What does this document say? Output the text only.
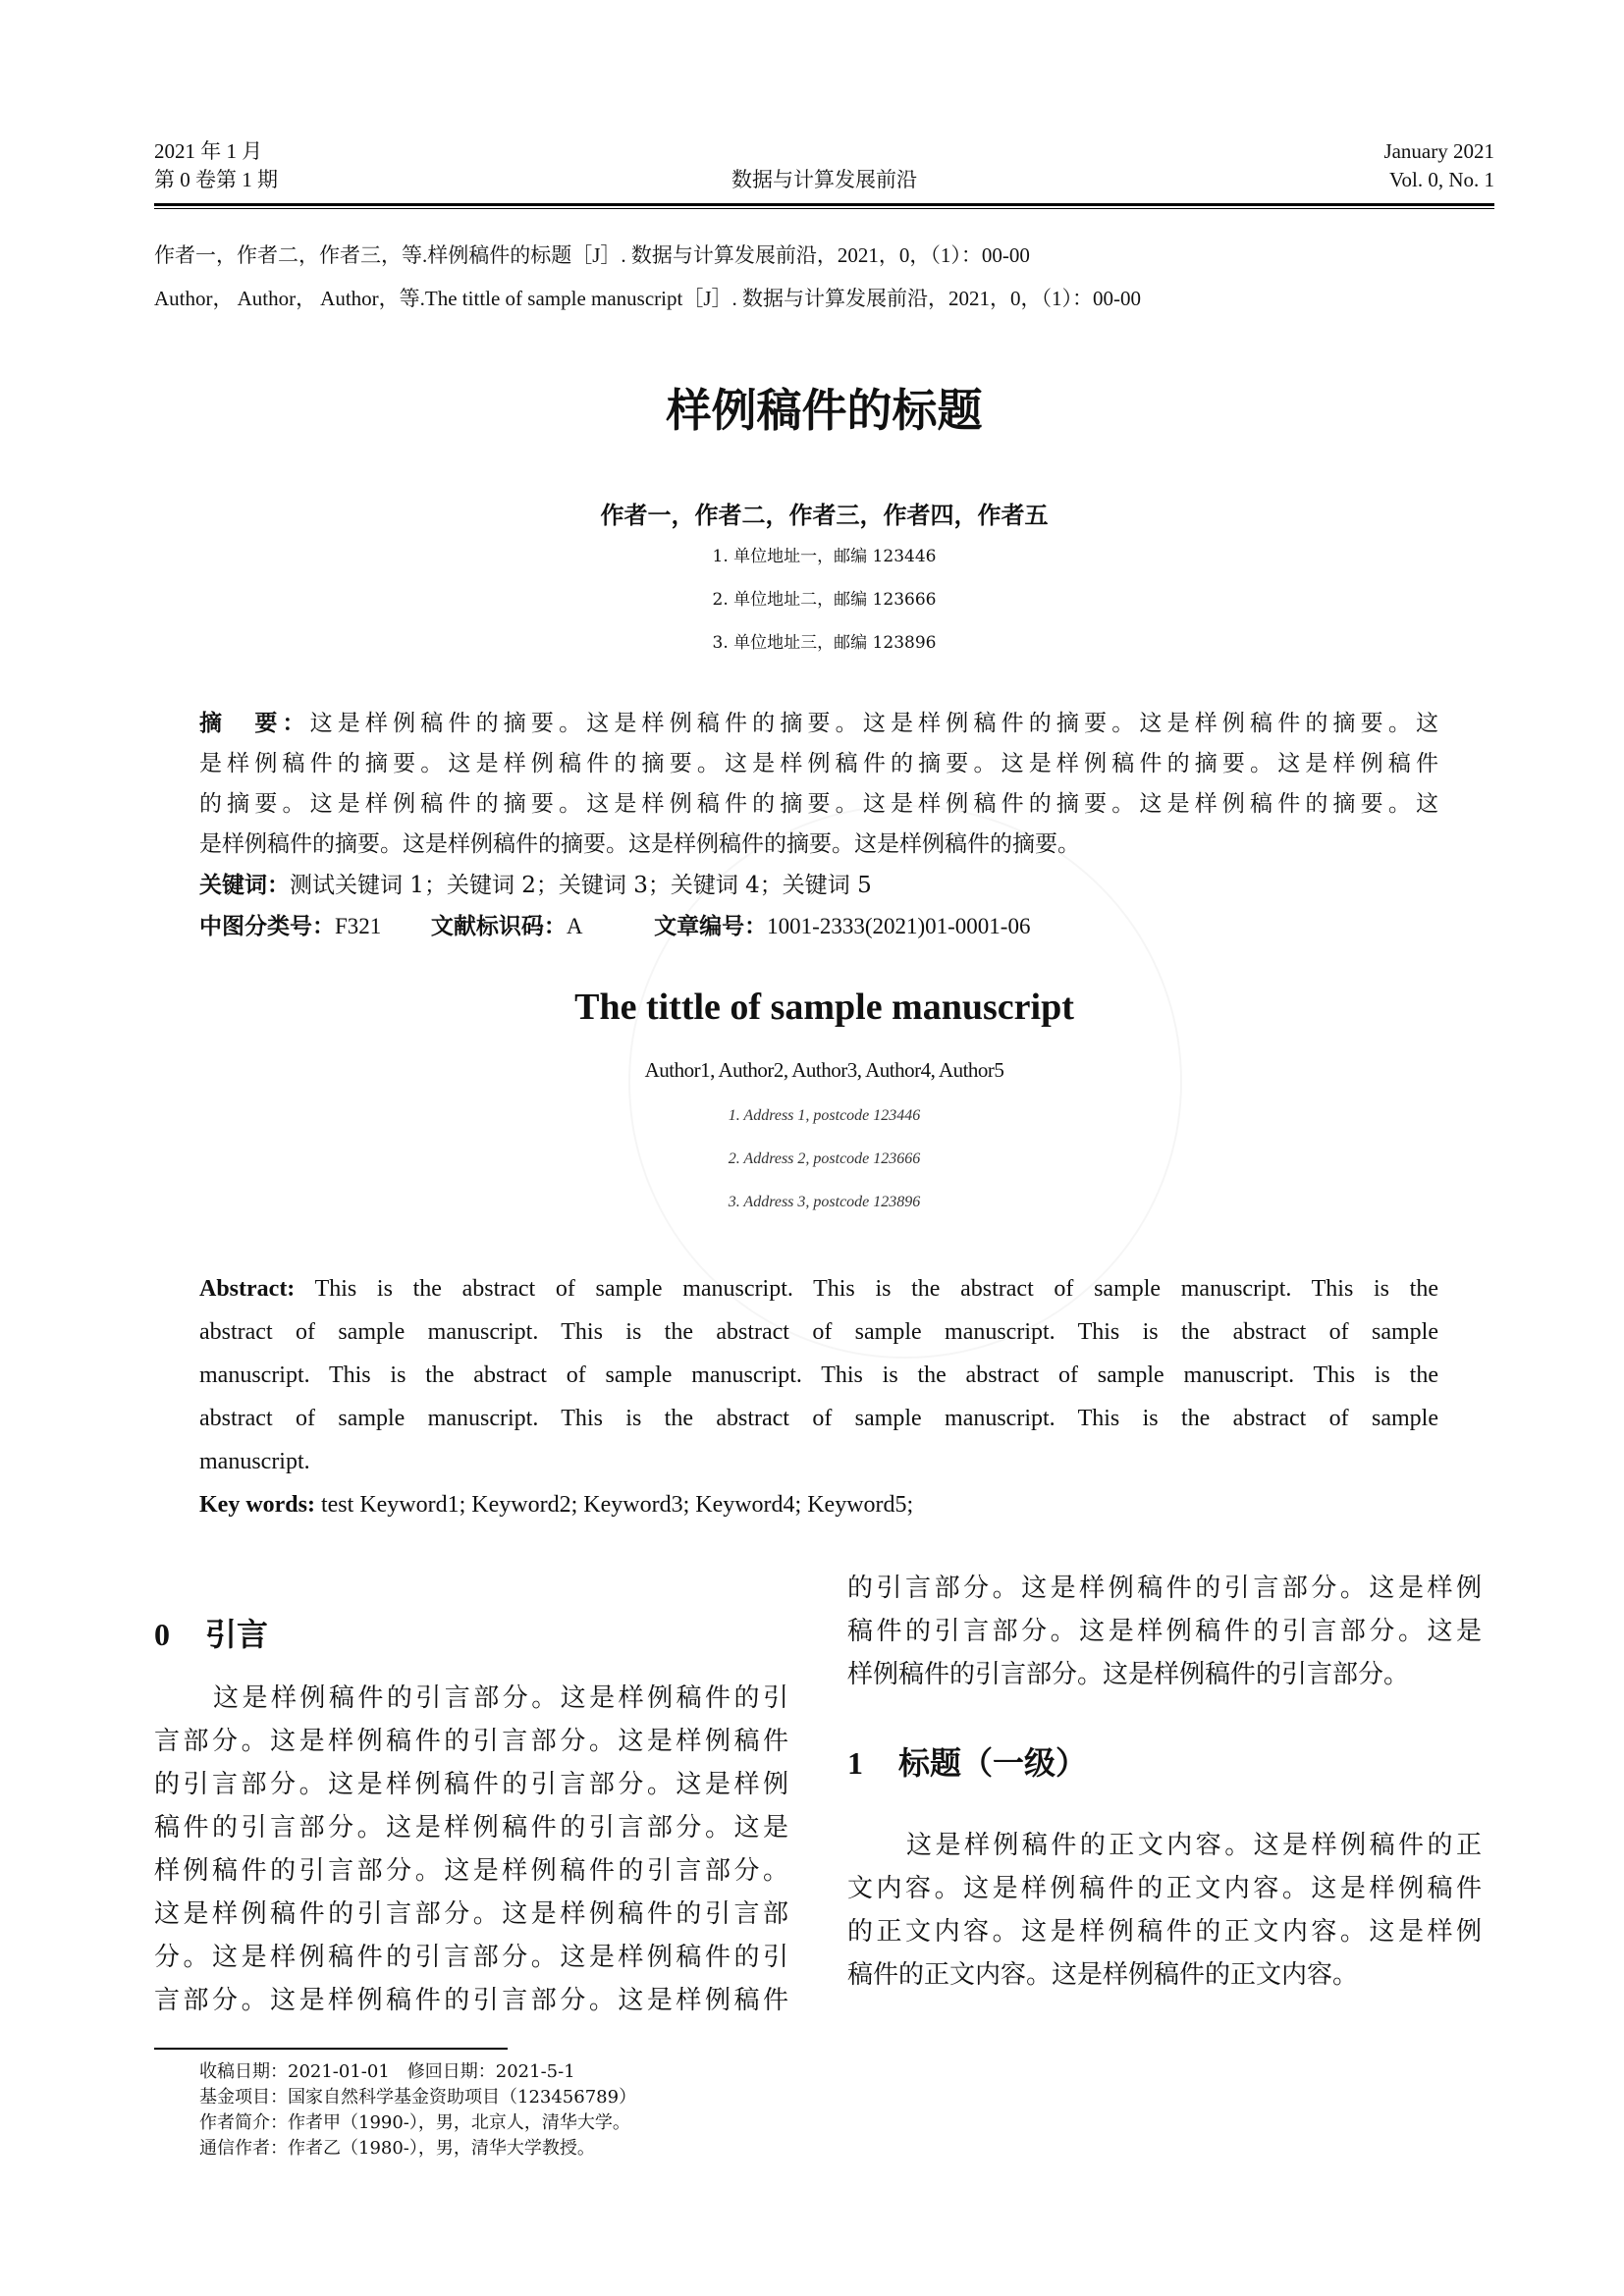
2021 年 1 月
第 0 卷第 1 期	数据与计算发展前沿
January 2021
Vol. 0, No. 1
作者一，作者二，作者三，等.样例稿件的标题［J］. 数据与计算发展前沿，2021，0，（1）：00-00
Author， Author， Author，等.The tittle of sample manuscript［J］. 数据与计算发展前沿，2021，0，（1）：00-00
样例稿件的标题
作者一，作者二，作者三，作者四，作者五
1. 单位地址一，邮编 123446
2. 单位地址二，邮编 123666
3. 单位地址三，邮编 123896
摘　要：这是样例稿件的摘要。这是样例稿件的摘要。这是样例稿件的摘要。这是样例稿件的摘要。这
是样例稿件的摘要。这是样例稿件的摘要。这是样例稿件的摘要。这是样例稿件的摘要。这是样例稿件
的摘要。这是样例稿件的摘要。这是样例稿件的摘要。这是样例稿件的摘要。这是样例稿件的摘要。这
是样例稿件的摘要。这是样例稿件的摘要。这是样例稿件的摘要。这是样例稿件的摘要。
关键词：测试关键词 1；关键词 2；关键词 3；关键词 4；关键词 5
中图分类号：F321 文献标识码：A	文章编号：1001-2333(2021)01-0001-06
The tittle of sample manuscript
Author1, Author2, Author3, Author4, Author5
1. Address 1, postcode 123446
2. Address 2, postcode 123666
3. Address 3, postcode 123896
Abstract: This is the abstract of sample manuscript. This is the abstract of sample manuscript. This is the
abstract of sample manuscript. This is the abstract of sample manuscript. This is the abstract of sample
manuscript. This is the abstract of sample manuscript. This is the abstract of sample manuscript. This is the
abstract of sample manuscript. This is the abstract of sample manuscript. This is the abstract of sample
manuscript.
Key words: test Keyword1; Keyword2; Keyword3; Keyword4; Keyword5;
0 引言
这是样例稿件的引言部分。这是样例稿件的引
言部分。这是样例稿件的引言部分。这是样例稿件
的引言部分。这是样例稿件的引言部分。这是样例
稿件的引言部分。这是样例稿件的引言部分。这是
样例稿件的引言部分。这是样例稿件的引言部分。
这是样例稿件的引言部分。这是样例稿件的引言部
分。这是样例稿件的引言部分。这是样例稿件的引
言部分。这是样例稿件的引言部分。这是样例稿件
的引言部分。这是样例稿件的引言部分。这是样例
稿件的引言部分。这是样例稿件的引言部分。这是
样例稿件的引言部分。这是样例稿件的引言部分。
1 标题（一级）
这是样例稿件的正文内容。这是样例稿件的正
文内容。这是样例稿件的正文内容。这是样例稿件
的正文内容。这是样例稿件的正文内容。这是样例
稿件的正文内容。这是样例稿件的正文内容。
收稿日期：2021-01-01　修回日期：2021-5-1
基金项目：国家自然科学基金资助项目（123456789）
作者简介：作者甲（1990-），男，北京人，清华大学。
通信作者：作者乙（1980-），男，清华大学教授。
